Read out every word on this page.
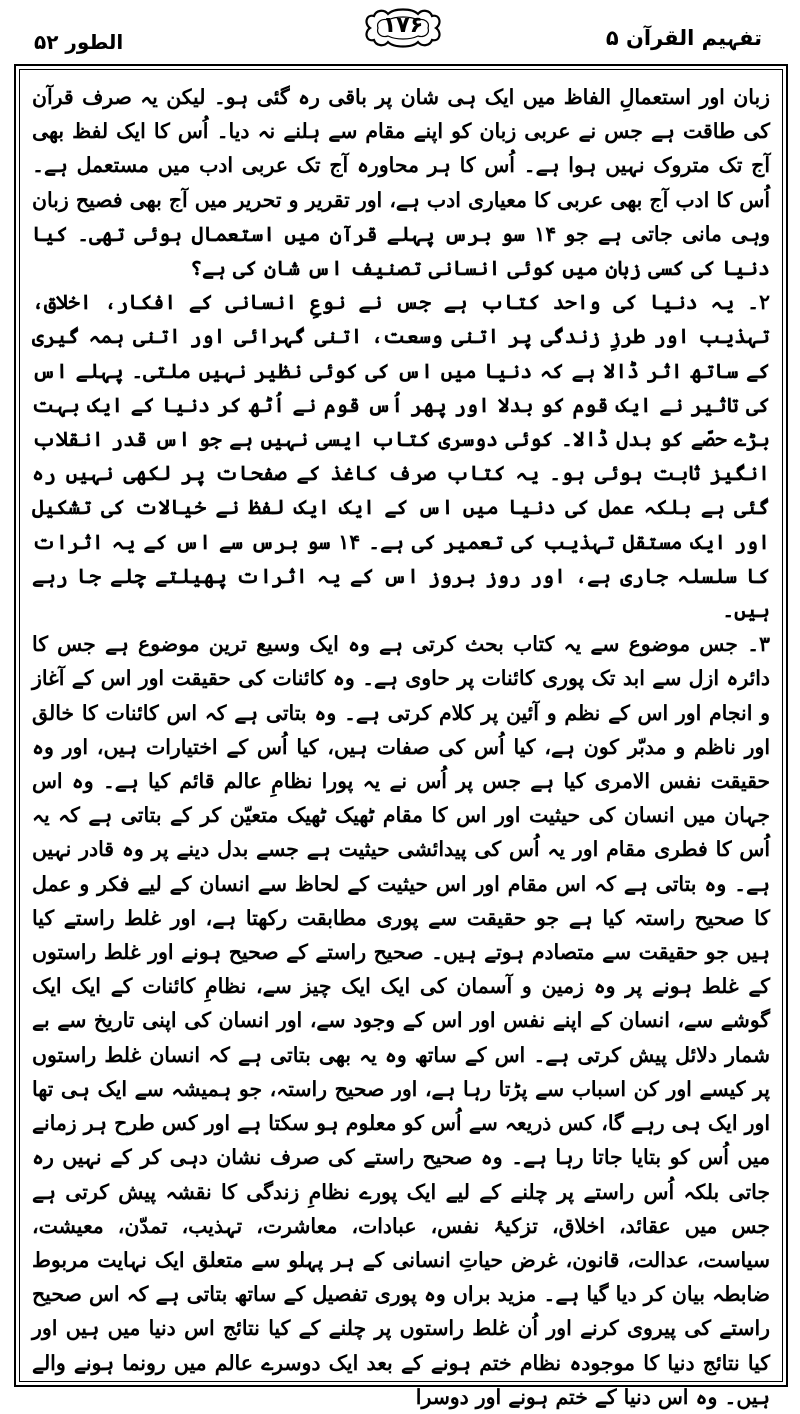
الطور ۵۲
۱۷۶	تفہیم القرآن ۵

زبان اور استعمالِ الفاظ میں ایک ہی شان پر باقی رہ گئی ہو۔ لیکن یہ صرف قرآن کی طاقت ہے جس نے عربی زبان کو اپنے مقام سے ہلنے نہ دیا۔ اُس کا ایک لفظ بھی آج تک متروک نہیں ہوا ہے۔ اُس کا ہر محاورہ آج تک عربی ادب میں مستعمل ہے۔ اُس کا ادب آج بھی عربی کا معیاری ادب ہے، اور تقریر و تحریر میں آج بھی فصیح زبان وہی مانی جاتی ہے جو ۱۴ سو برس پہلے قرآن میں استعمال ہوئی تھی۔ کیا دنیا کی کسی زبان میں کوئی انسانی تصنیف اس شان کی ہے؟

۲۔ یہ دنیا کی واحد کتاب ہے جس نے نوعِ انسانی کے افکار، اخلاق، تہذیب اور طرزِ زندگی پر اتنی وسعت، اتنی گہرائی اور اتنی ہمہ گیری کے ساتھ اثر ڈالا ہے کہ دنیا میں اس کی کوئی نظیر نہیں ملتی۔ پہلے اس کی تاثیر نے ایک قوم کو بدلا اور پھر اُس قوم نے اُٹھ کر دنیا کے ایک بہت بڑے حصّے کو بدل ڈالا۔ کوئی دوسری کتاب ایسی نہیں ہے جو اس قدر انقلاب انگیز ثابت ہوئی ہو۔ یہ کتاب صرف کاغذ کے صفحات پر لکھی نہیں رہ گئی ہے بلکہ عمل کی دنیا میں اس کے ایک ایک لفظ نے خیالات کی تشکیل اور ایک مستقل تہذیب کی تعمیر کی ہے۔ ۱۴ سو برس سے اس کے یہ اثرات کا سلسلہ جاری ہے، اور روز بروز اس کے یہ اثرات پھیلتے چلے جا رہے ہیں۔

۳۔ جس موضوع سے یہ کتاب بحث کرتی ہے وہ ایک وسیع ترین موضوع ہے جس کا دائرہ ازل سے ابد تک پوری کائنات پر حاوی ہے۔ وہ کائنات کی حقیقت اور اس کے آغاز و انجام اور اس کے نظم و آئین پر کلام کرتی ہے۔ وہ بتاتی ہے کہ اس کائنات کا خالق اور ناظم و مدبّر کون ہے، کیا اُس کی صفات ہیں، کیا اُس کے اختیارات ہیں، اور وہ حقیقت نفس الامری کیا ہے جس پر اُس نے یہ پورا نظامِ عالم قائم کیا ہے۔ وہ اس جہان میں انسان کی حیثیت اور اس کا مقام ٹھیک ٹھیک متعیّن کر کے بتاتی ہے کہ یہ اُس کا فطری مقام اور یہ اُس کی پیدائشی حیثیت ہے جسے بدل دینے پر وہ قادر نہیں ہے۔ وہ بتاتی ہے کہ اس مقام اور اس حیثیت کے لحاظ سے انسان کے لیے فکر و عمل کا صحیح راستہ کیا ہے جو حقیقت سے پوری مطابقت رکھتا ہے، اور غلط راستے کیا ہیں جو حقیقت سے متصادم ہوتے ہیں۔ صحیح راستے کے صحیح ہونے اور غلط راستوں کے غلط ہونے پر وہ زمین و آسمان کی ایک ایک چیز سے، نظامِ کائنات کے ایک ایک گوشے سے، انسان کے اپنے نفس اور اس کے وجود سے، اور انسان کی اپنی تاریخ سے بے شمار دلائل پیش کرتی ہے۔ اس کے ساتھ وہ یہ بھی بتاتی ہے کہ انسان غلط راستوں پر کیسے اور کن اسباب سے پڑتا رہا ہے، اور صحیح راستہ، جو ہمیشہ سے ایک ہی تھا اور ایک ہی رہے گا، کس ذریعہ سے اُس کو معلوم ہو سکتا ہے اور کس طرح ہر زمانے میں اُس کو بتایا جاتا رہا ہے۔ وہ صحیح راستے کی صرف نشان دہی کر کے نہیں رہ جاتی بلکہ اُس راستے پر چلنے کے لیے ایک پورے نظامِ زندگی کا نقشہ پیش کرتی ہے جس میں عقائد، اخلاق، تزکیۂ نفس، عبادات، معاشرت، تہذیب، تمدّن، معیشت، سیاست، عدالت، قانون، غرض حیاتِ انسانی کے ہر پہلو سے متعلق ایک نہایت مربوط ضابطہ بیان کر دیا گیا ہے۔ مزید براں وہ پوری تفصیل کے ساتھ بتاتی ہے کہ اس صحیح راستے کی پیروی کرنے اور اُن غلط راستوں پر چلنے کے کیا نتائج اس دنیا میں ہیں اور کیا نتائج دنیا کا موجودہ نظام ختم ہونے کے بعد ایک دوسرے عالم میں رونما ہونے والے ہیں۔ وہ اس دنیا کے ختم ہونے اور دوسرا
